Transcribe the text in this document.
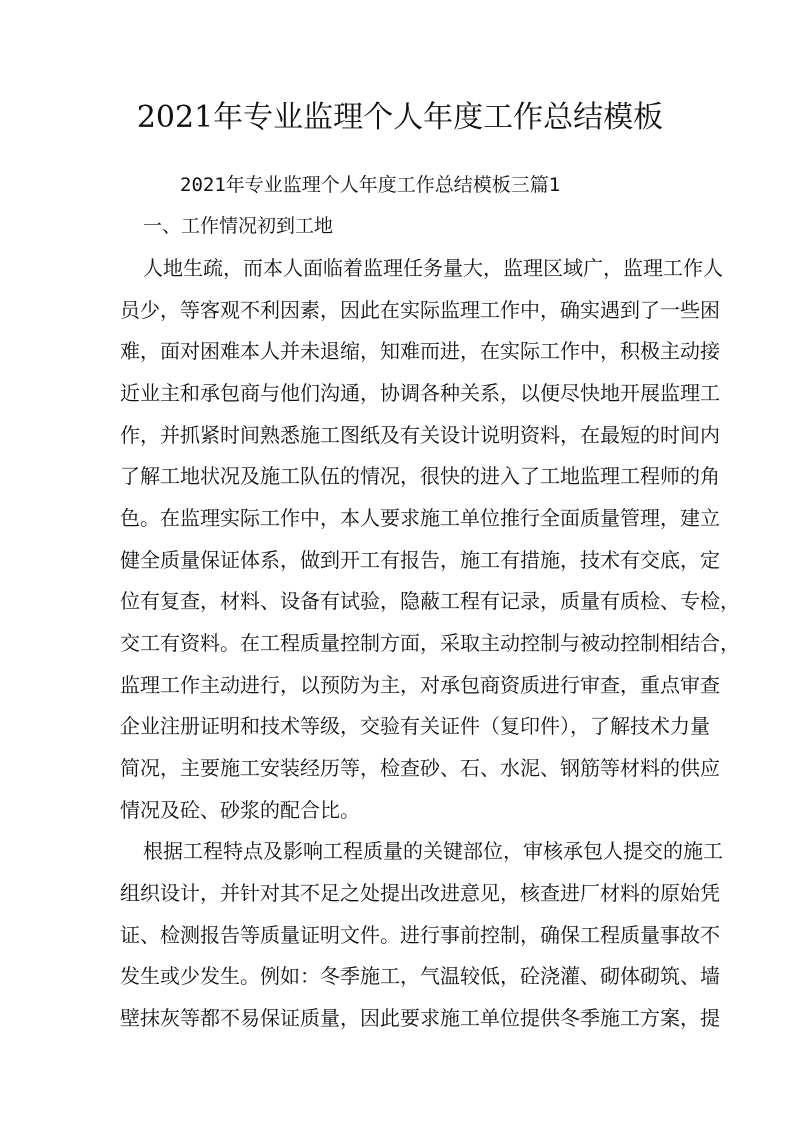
2021年专业监理个人年度工作总结模板
2021年专业监理个人年度工作总结模板三篇1
一、工作情况初到工地
人地生疏，而本人面临着监理任务量大，监理区域广，监理工作人
员少，等客观不利因素，因此在实际监理工作中，确实遇到了一些困
难，面对困难本人并未退缩，知难而进，在实际工作中，积极主动接
近业主和承包商与他们沟通，协调各种关系，以便尽快地开展监理工
作，并抓紧时间熟悉施工图纸及有关设计说明资料，在最短的时间内
了解工地状况及施工队伍的情况，很快的进入了工地监理工程师的角
色。在监理实际工作中，本人要求施工单位推行全面质量管理，建立
健全质量保证体系，做到开工有报告，施工有措施，技术有交底，定
位有复查，材料、设备有试验，隐蔽工程有记录，质量有质检、专检，
交工有资料。在工程质量控制方面，采取主动控制与被动控制相结合，
监理工作主动进行，以预防为主，对承包商资质进行审查，重点审查
企业注册证明和技术等级，交验有关证件（复印件），了解技术力量
简况，主要施工安装经历等，检查砂、石、水泥、钢筋等材料的供应
情况及砼、砂浆的配合比。
根据工程特点及影响工程质量的关键部位，审核承包人提交的施工
组织设计，并针对其不足之处提出改进意见，核查进厂材料的原始凭
证、检测报告等质量证明文件。进行事前控制，确保工程质量事故不
发生或少发生。例如：冬季施工，气温较低，砼浇灌、砌体砌筑、墙
壁抹灰等都不易保证质量，因此要求施工单位提供冬季施工方案，提
